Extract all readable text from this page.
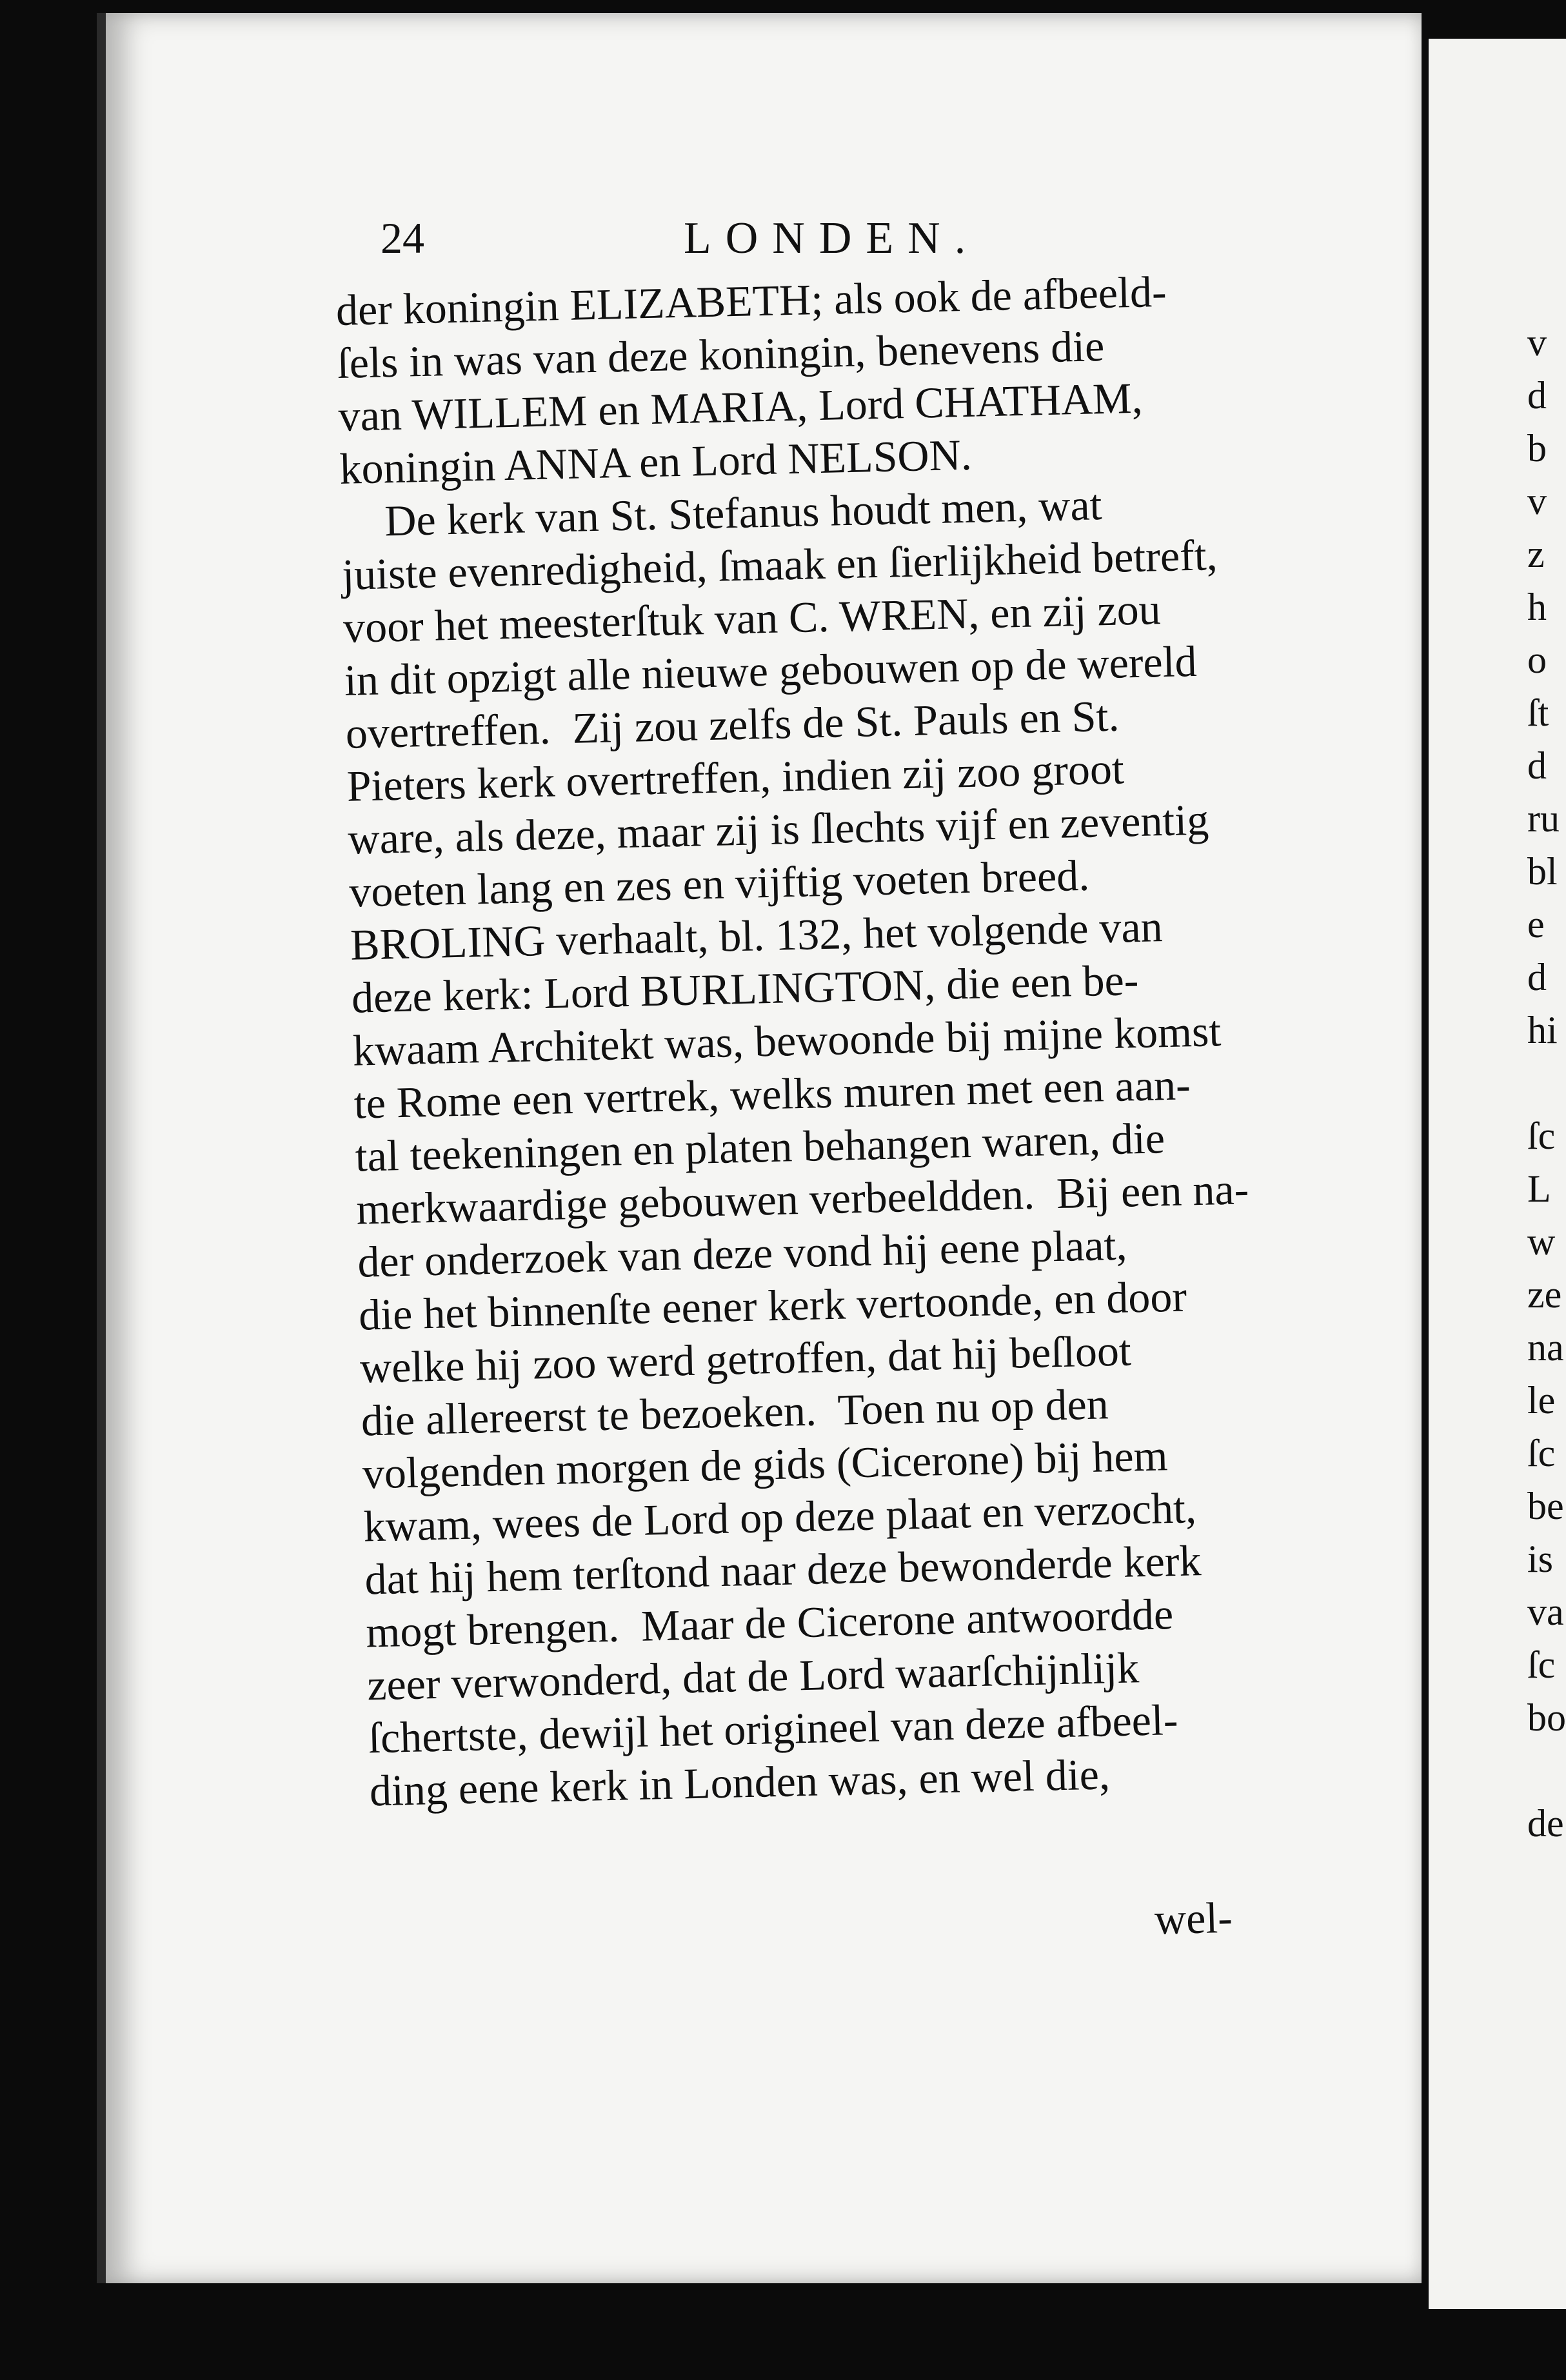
24	LONDEN.
der koningin ELIZABETH; als ook de afbeeld-
ſels in was van deze koningin, benevens die
van WILLEM en MARIA, Lord CHATHAM,
koningin ANNA en Lord NELSON.
De kerk van St. Stefanus houdt men, wat
juiste evenredigheid, ſmaak en ſierlijkheid betreft,
voor het meesterſtuk van C. WREN, en zij zou
in dit opzigt alle nieuwe gebouwen op de wereld
overtreffen.  Zij zou zelfs de St. Pauls en St.
Pieters kerk overtreffen, indien zij zoo groot
ware, als deze, maar zij is ſlechts vijf en zeventig
voeten lang en zes en vijftig voeten breed.
BROLING verhaalt, bl. 132, het volgende van
deze kerk: Lord BURLINGTON, die een be-
kwaam Architekt was, bewoonde bij mijne komst
te Rome een vertrek, welks muren met een aan-
tal teekeningen en platen behangen waren, die
merkwaardige gebouwen verbeeldden.  Bij een na-
der onderzoek van deze vond hij eene plaat,
die het binnenſte eener kerk vertoonde, en door
welke hij zoo werd getroffen, dat hij beſloot
die allereerst te bezoeken.  Toen nu op den
volgenden morgen de gids (Cicerone) bij hem
kwam, wees de Lord op deze plaat en verzocht,
dat hij hem terſtond naar deze bewonderde kerk
mogt brengen.  Maar de Cicerone antwoordde
zeer verwonderd, dat de Lord waarſchijnlijk
ſchertste, dewijl het origineel van deze afbeel-
ding eene kerk in Londen was, en wel die,
wel-
v
d
b
v
z
h
o
ſt
d
ru
bl
e
d
hi
ſc
L
w
ze
na
le
ſc
be
is
va
ſc
bo
de
